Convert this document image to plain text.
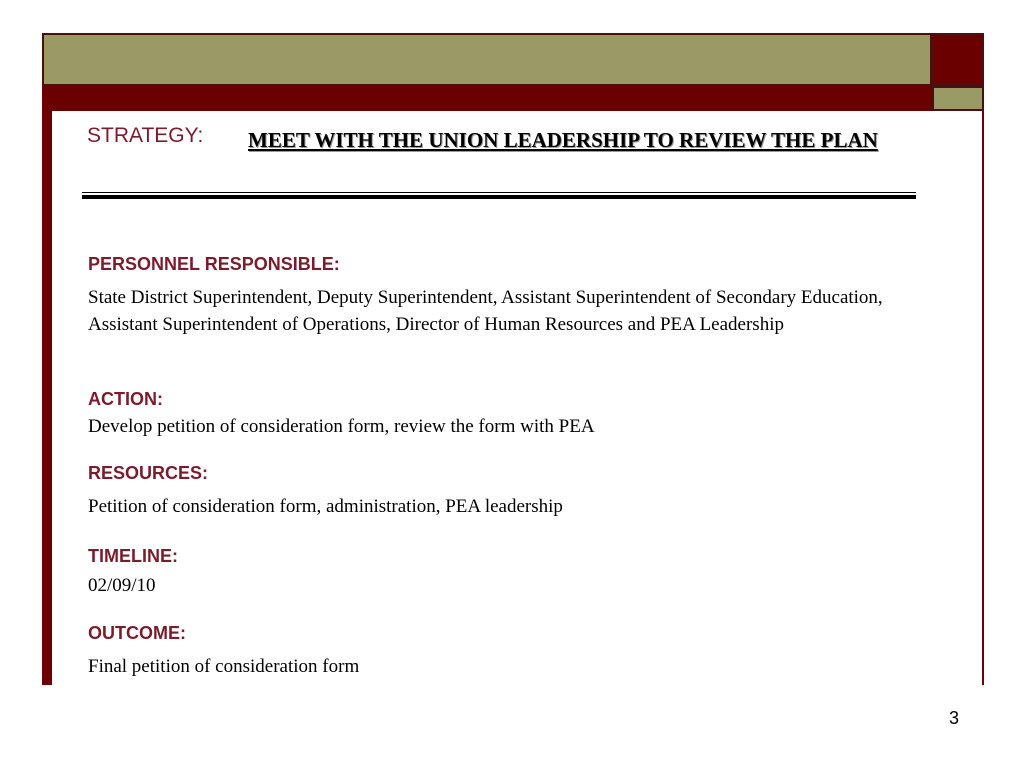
STRATEGY: MEET WITH THE UNION LEADERSHIP TO REVIEW THE PLAN
PERSONNEL RESPONSIBLE:
State District Superintendent, Deputy Superintendent, Assistant Superintendent of Secondary Education, Assistant Superintendent of Operations, Director of Human Resources and PEA Leadership
ACTION:
Develop petition of consideration form, review the form with PEA
RESOURCES:
Petition of consideration form, administration, PEA leadership
TIMELINE:
02/09/10
OUTCOME:
Final petition of consideration form
3
